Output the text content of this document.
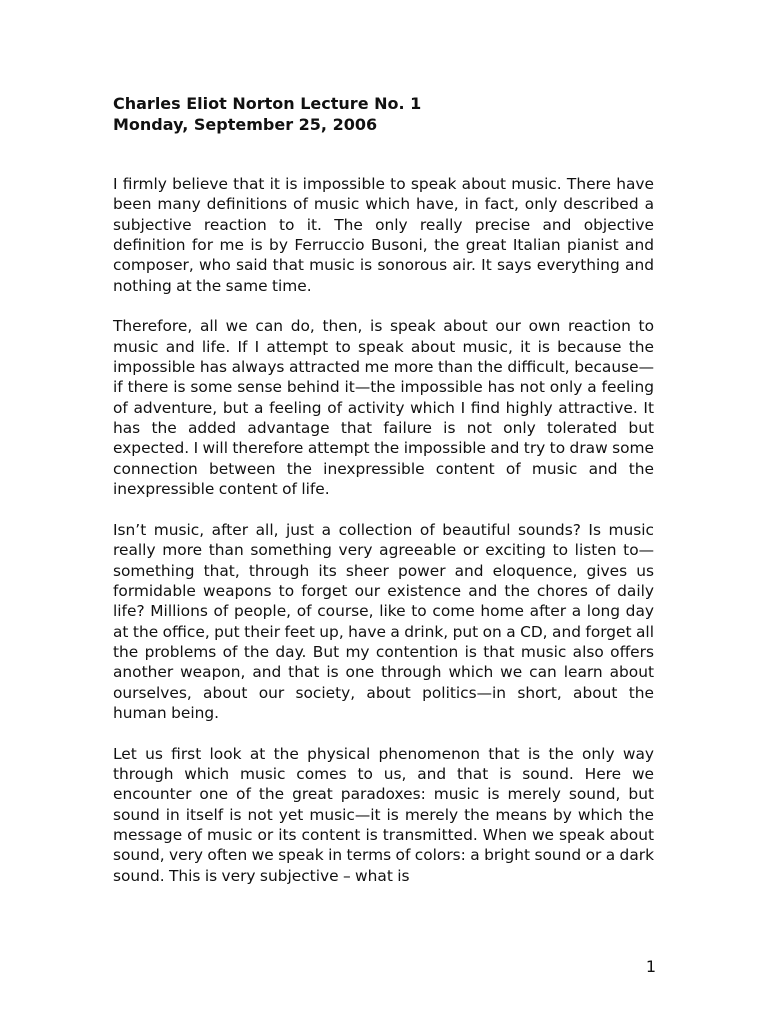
Charles Eliot Norton Lecture No. 1
Monday, September 25, 2006

I firmly believe that it is impossible to speak about music. There have been many definitions of music which have, in fact, only described a subjective reaction to it. The only really precise and objective definition for me is by Ferruccio Busoni, the great Italian pianist and composer, who said that music is sonorous air. It says everything and nothing at the same time.

Therefore, all we can do, then, is speak about our own reaction to music and life. If I attempt to speak about music, it is because the impossible has always attracted me more than the difficult, because—if there is some sense behind it—the impossible has not only a feeling of adventure, but a feeling of activity which I find highly attractive. It has the added advantage that failure is not only tolerated but expected. I will therefore attempt the impossible and try to draw some connection between the inexpressible content of music and the inexpressible content of life.

Isn’t music, after all, just a collection of beautiful sounds? Is music really more than something very agreeable or exciting to listen to—something that, through its sheer power and eloquence, gives us formidable weapons to forget our existence and the chores of daily life? Millions of people, of course, like to come home after a long day at the office, put their feet up, have a drink, put on a CD, and forget all the problems of the day. But my contention is that music also offers another weapon, and that is one through which we can learn about ourselves, about our society, about politics—in short, about the human being.

Let us first look at the physical phenomenon that is the only way through which music comes to us, and that is sound. Here we encounter one of the great paradoxes: music is merely sound, but sound in itself is not yet music—it is merely the means by which the message of music or its content is transmitted. When we speak about sound, very often we speak in terms of colors: a bright sound or a dark sound. This is very subjective – what is

1
